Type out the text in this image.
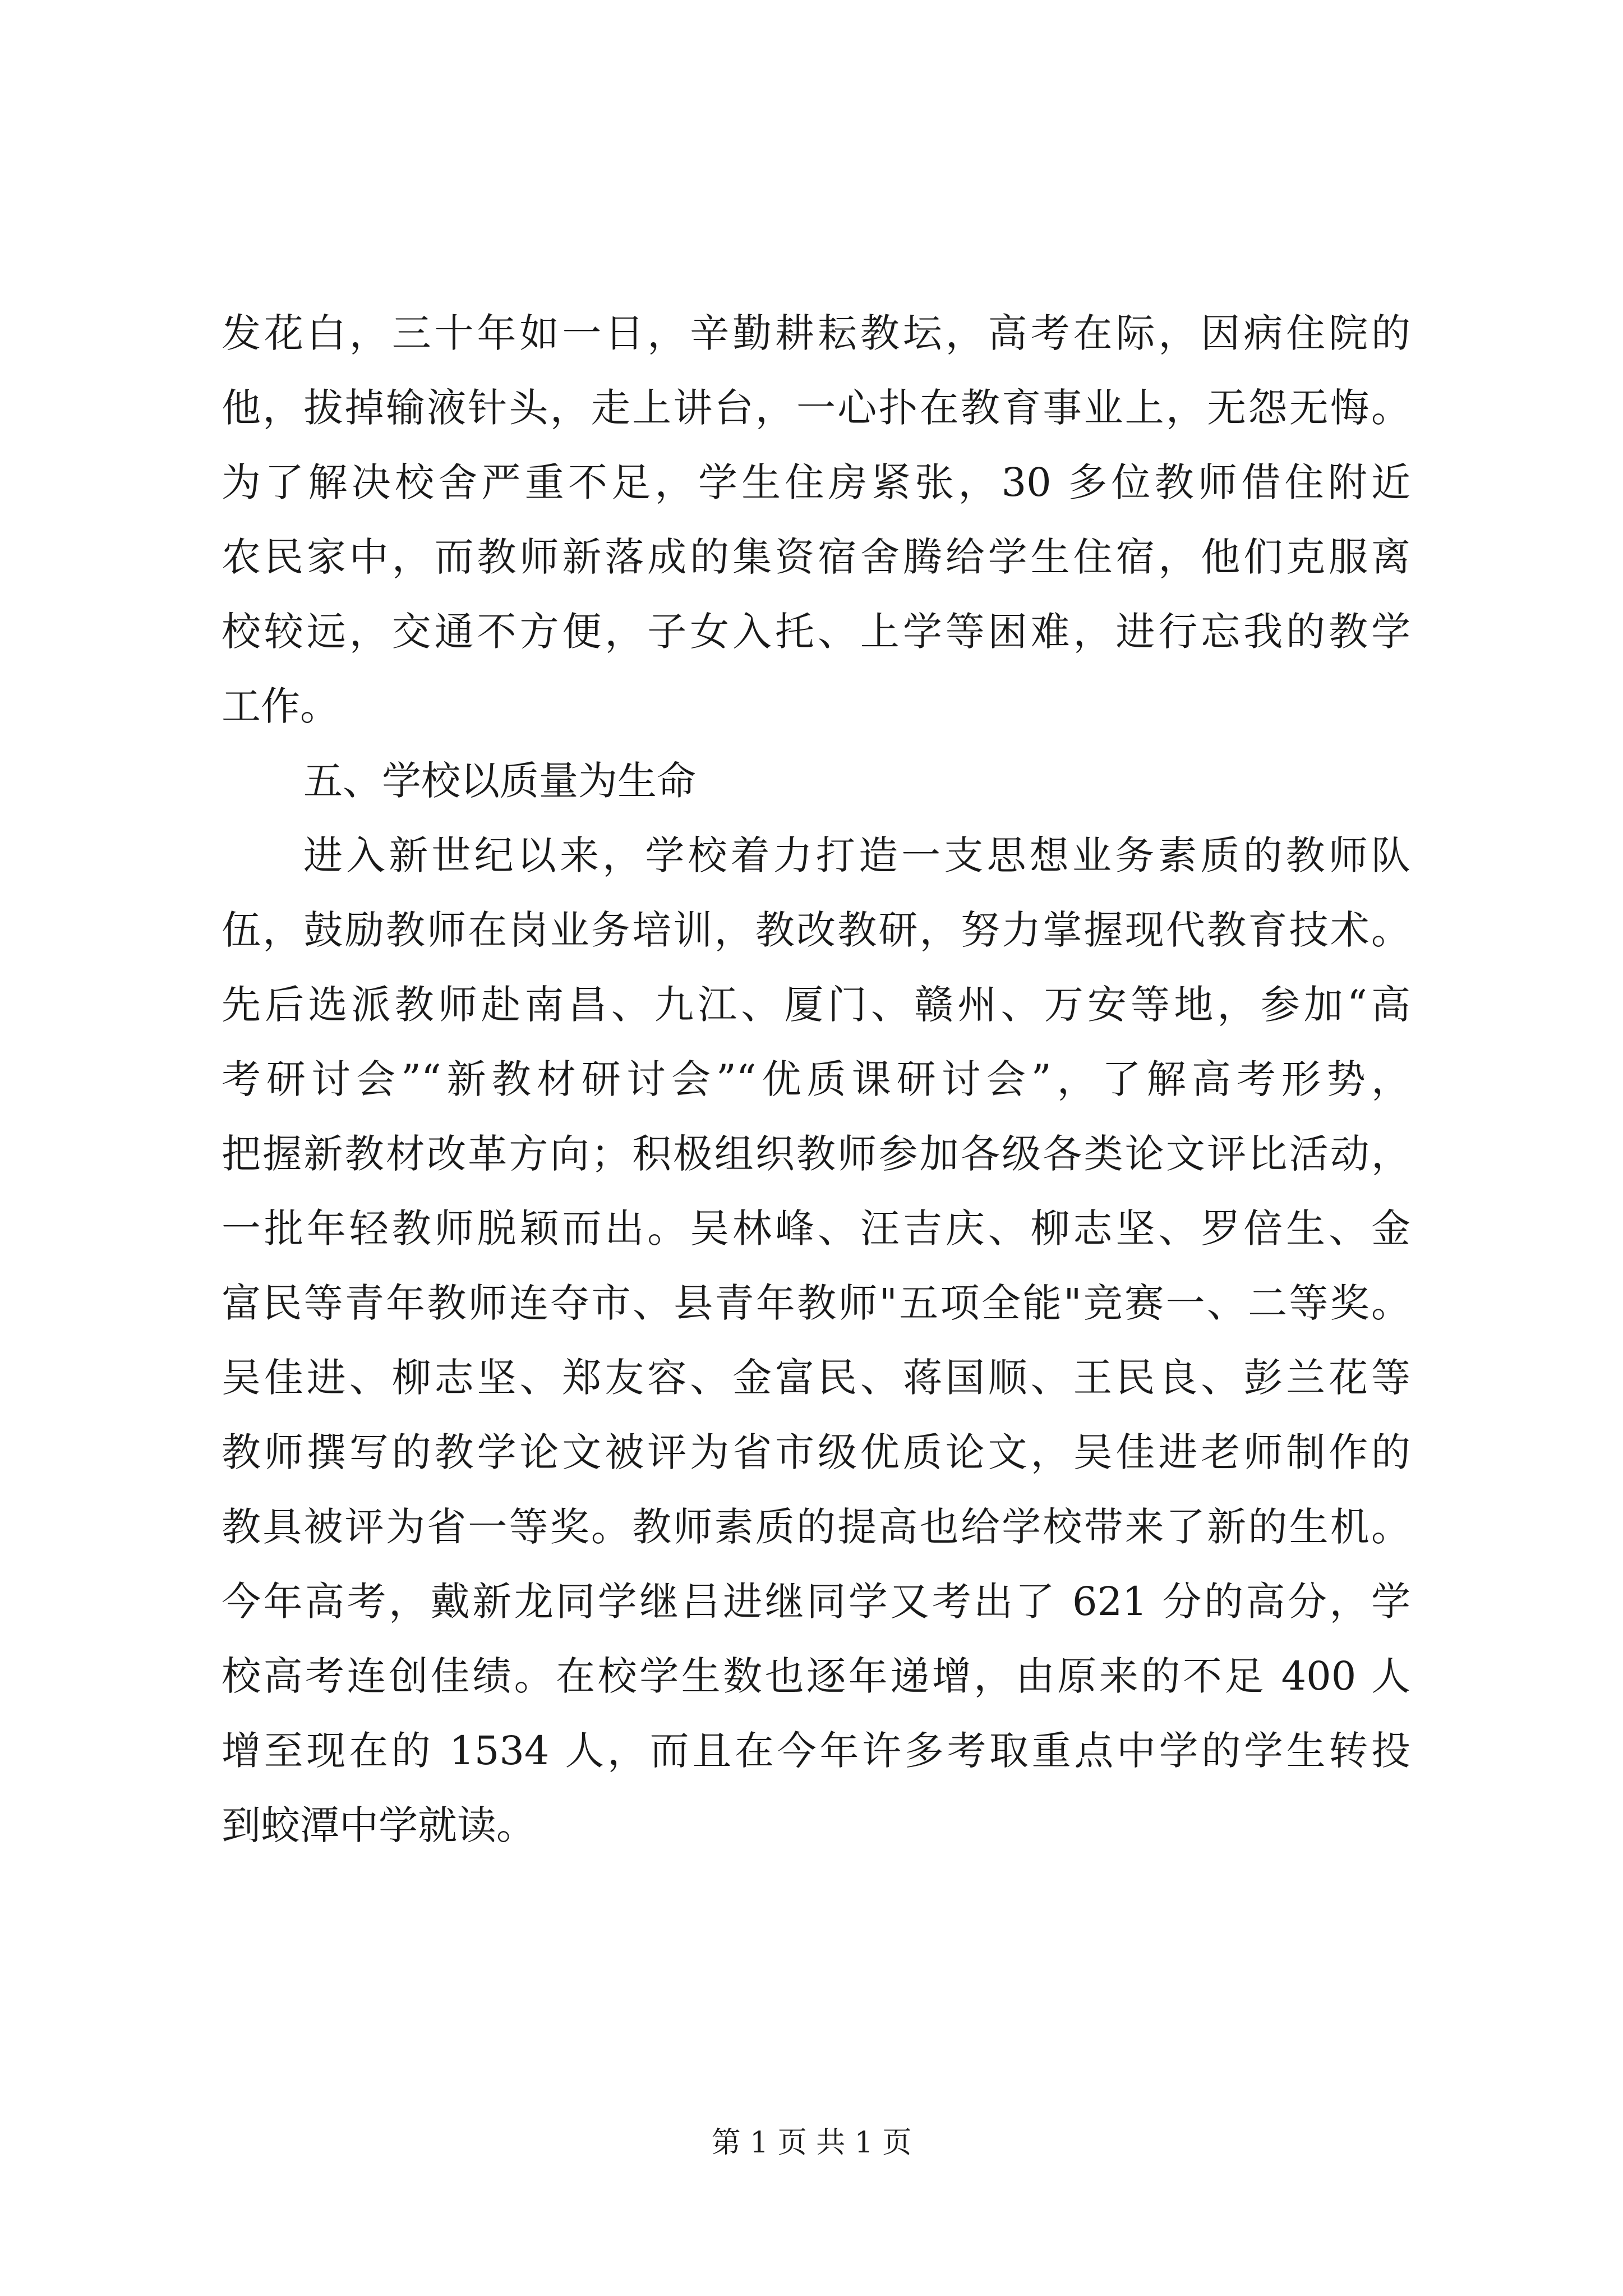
发花白，三十年如一日，辛勤耕耘教坛，高考在际，因病住院的
他，拔掉输液针头，走上讲台，一心扑在教育事业上，无怨无悔。
为了解决校舍严重不足，学生住房紧张，30 多位教师借住附近
农民家中，而教师新落成的集资宿舍腾给学生住宿，他们克服离
校较远，交通不方便，子女入托、上学等困难，进行忘我的教学
工作。
五、学校以质量为生命
进入新世纪以来，学校着力打造一支思想业务素质的教师队
伍，鼓励教师在岗业务培训，教改教研，努力掌握现代教育技术。
先后选派教师赴南昌、九江、厦门、赣州、万安等地，参加“高
考研讨会”“新教材研讨会”“优质课研讨会”，了解高考形势，
把握新教材改革方向；积极组织教师参加各级各类论文评比活动，
一批年轻教师脱颖而出。吴林峰、汪吉庆、柳志坚、罗倍生、金
富民等青年教师连夺市、县青年教师"五项全能"竞赛一、二等奖。
吴佳进、柳志坚、郑友容、金富民、蒋国顺、王民良、彭兰花等
教师撰写的教学论文被评为省市级优质论文，吴佳进老师制作的
教具被评为省一等奖。教师素质的提高也给学校带来了新的生机。
今年高考，戴新龙同学继吕进继同学又考出了 621 分的高分，学
校高考连创佳绩。在校学生数也逐年递增，由原来的不足 400 人
增至现在的 1534 人，而且在今年许多考取重点中学的学生转投
到蛟潭中学就读。
第 1 页 共 1 页
